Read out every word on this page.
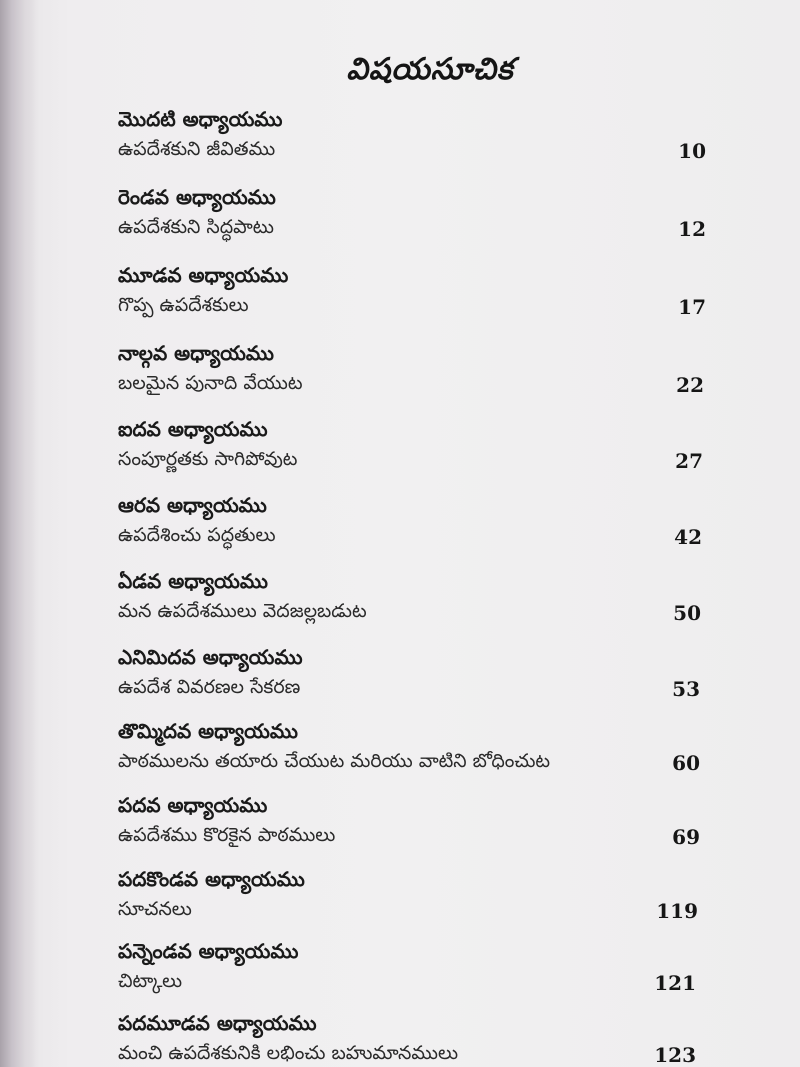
విషయసూచిక
మొదటి అధ్యాయము
ఉపదేశకుని జీవితము	10
రెండవ అధ్యాయము
ఉపదేశకుని సిద్ధపాటు	12
మూడవ అధ్యాయము
గొప్ప ఉపదేశకులు	17
నాల్గవ అధ్యాయము
బలమైన పునాది వేయుట	22
ఐదవ అధ్యాయము
సంపూర్ణతకు సాగిపోవుట	27
ఆరవ అధ్యాయము
ఉపదేశించు పద్ధతులు	42
ఏడవ అధ్యాయము
మన ఉపదేశములు వెదజల్లబడుట	50
ఎనిమిదవ అధ్యాయము
ఉపదేశ వివరణల సేకరణ	53
తొమ్మిదవ అధ్యాయము
పాఠములను తయారు చేయుట మరియు వాటిని బోధించుట	60
పదవ అధ్యాయము
ఉపదేశము కొరకైన పాఠములు	69
పదకొండవ అధ్యాయము
సూచనలు	119
పన్నెండవ అధ్యాయము
చిట్కాలు	121
పదమూడవ అధ్యాయము
మంచి ఉపదేశకునికి లభించు బహుమానములు	123
